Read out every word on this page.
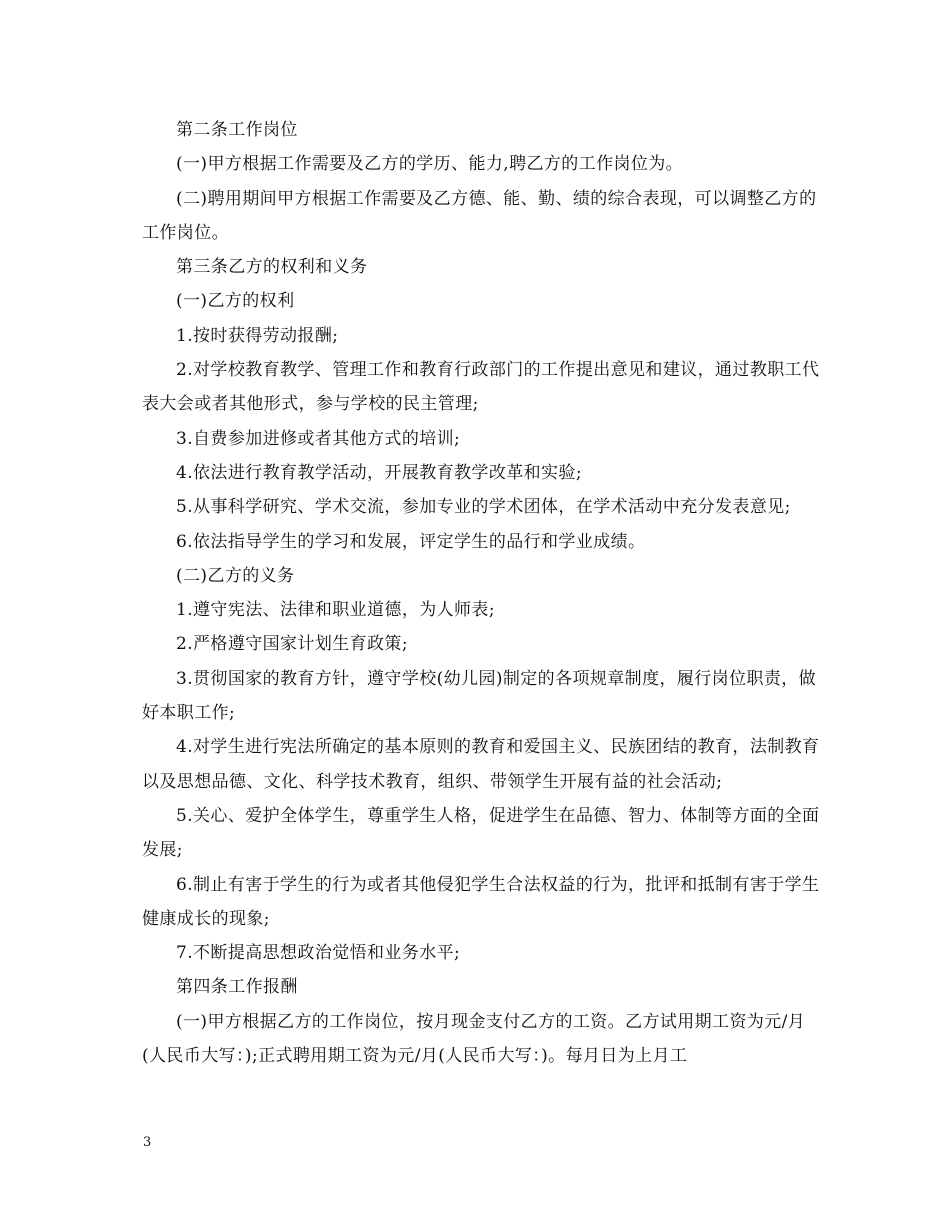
第二条工作岗位

(一)甲方根据工作需要及乙方的学历、能力,聘乙方的工作岗位为。

(二)聘用期间甲方根据工作需要及乙方德、能、勤、绩的综合表现，可以调整乙方的工作岗位。

第三条乙方的权利和义务

(一)乙方的权利

1.按时获得劳动报酬;

2.对学校教育教学、管理工作和教育行政部门的工作提出意见和建议，通过教职工代表大会或者其他形式，参与学校的民主管理;

3.自费参加进修或者其他方式的培训;

4.依法进行教育教学活动，开展教育教学改革和实验;

5.从事科学研究、学术交流，参加专业的学术团体，在学术活动中充分发表意见;

6.依法指导学生的学习和发展，评定学生的品行和学业成绩。

(二)乙方的义务

1.遵守宪法、法律和职业道德，为人师表;

2.严格遵守国家计划生育政策;

3.贯彻国家的教育方针，遵守学校(幼儿园)制定的各项规章制度，履行岗位职责，做好本职工作;

4.对学生进行宪法所确定的基本原则的教育和爱国主义、民族团结的教育，法制教育以及思想品德、文化、科学技术教育，组织、带领学生开展有益的社会活动;

5.关心、爱护全体学生，尊重学生人格，促进学生在品德、智力、体制等方面的全面发展;

6.制止有害于学生的行为或者其他侵犯学生合法权益的行为，批评和抵制有害于学生健康成长的现象;

7.不断提高思想政治觉悟和业务水平;

第四条工作报酬

(一)甲方根据乙方的工作岗位，按月现金支付乙方的工资。乙方试用期工资为元/月(人民币大写：);正式聘用期工资为元/月(人民币大写：)。每月日为上月工

3
